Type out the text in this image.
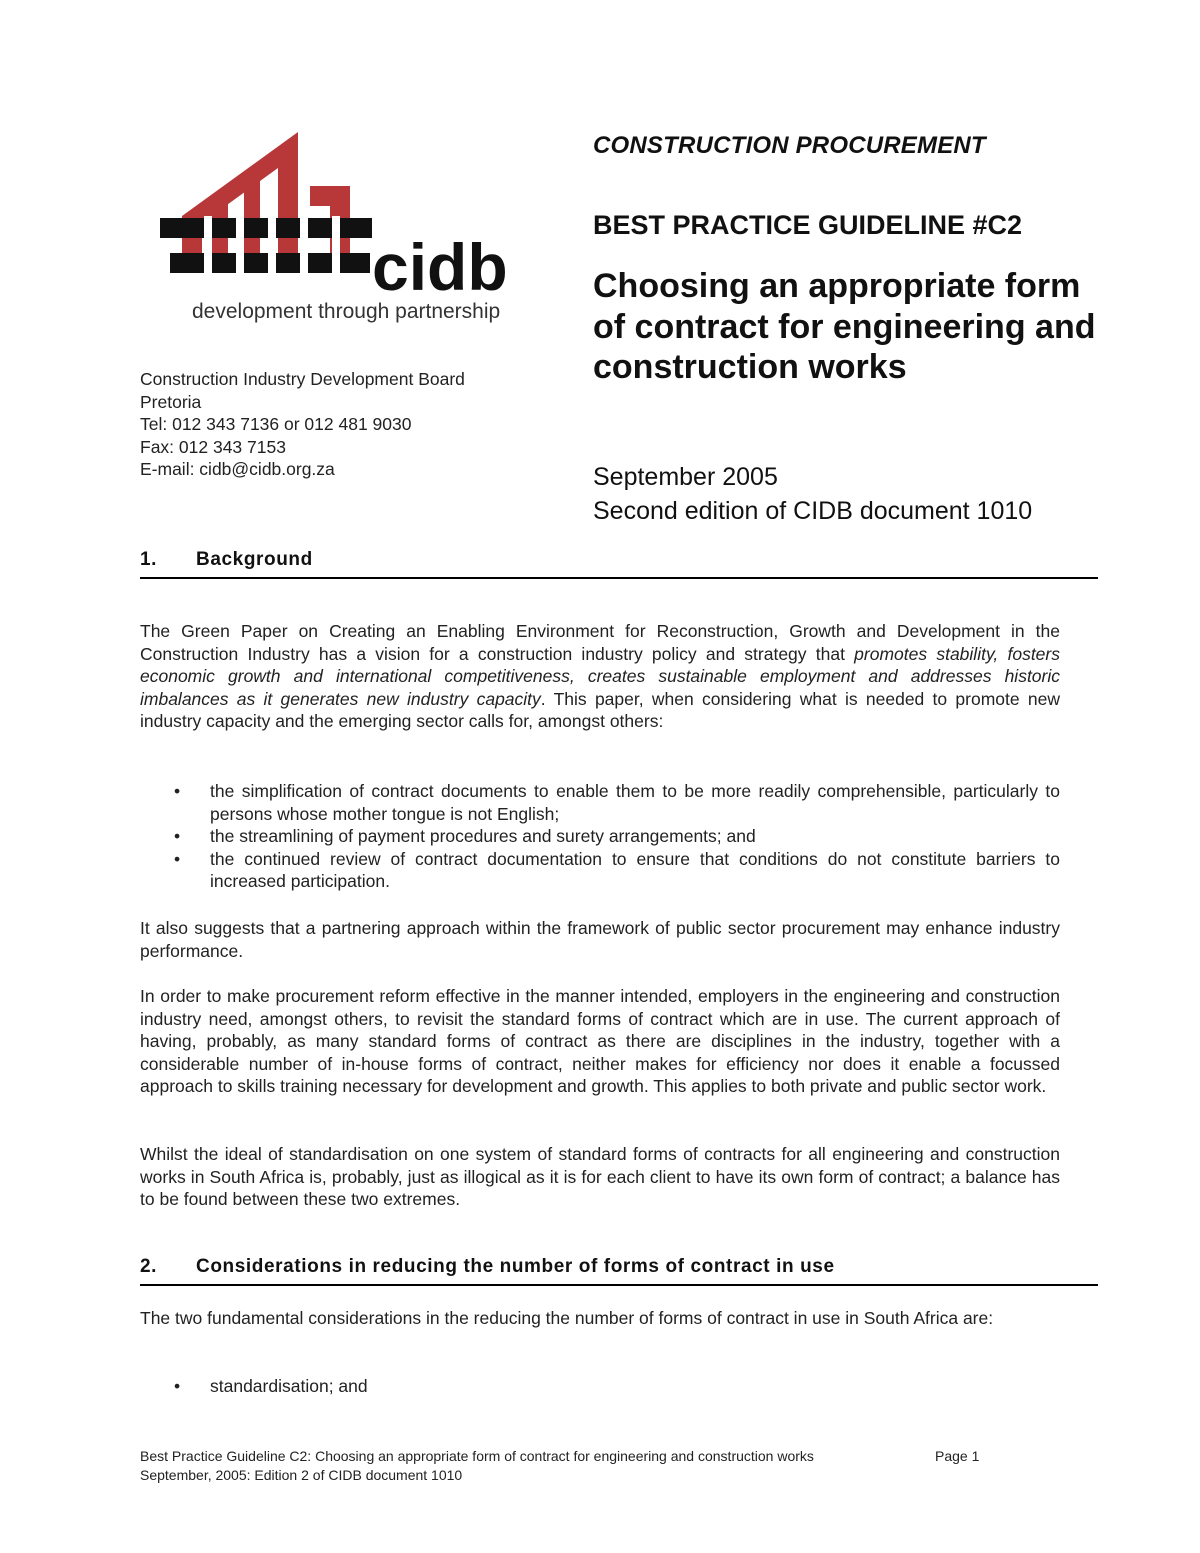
cidb
development through partnership
Construction Industry Development Board
Pretoria
Tel: 012 343 7136 or 012 481 9030
Fax: 012 343 7153
E-mail: cidb@cidb.org.za
CONSTRUCTION PROCUREMENT
BEST PRACTICE GUIDELINE #C2
Choosing an appropriate form of contract for engineering and construction works
September 2005
Second edition of CIDB document 1010
1. Background
The Green Paper on Creating an Enabling Environment for Reconstruction, Growth and Development in the Construction Industry has a vision for a construction industry policy and strategy that promotes stability, fosters economic growth and international competitiveness, creates sustainable employment and addresses historic imbalances as it generates new industry capacity. This paper, when considering what is needed to promote new industry capacity and the emerging sector calls for, amongst others:
• the simplification of contract documents to enable them to be more readily comprehensible, particularly to persons whose mother tongue is not English;
• the streamlining of payment procedures and surety arrangements; and
• the continued review of contract documentation to ensure that conditions do not constitute barriers to increased participation.
It also suggests that a partnering approach within the framework of public sector procurement may enhance industry performance.
In order to make procurement reform effective in the manner intended, employers in the engineering and construction industry need, amongst others, to revisit the standard forms of contract which are in use. The current approach of having, probably, as many standard forms of contract as there are disciplines in the industry, together with a considerable number of in-house forms of contract, neither makes for efficiency nor does it enable a focussed approach to skills training necessary for development and growth. This applies to both private and public sector work.
Whilst the ideal of standardisation on one system of standard forms of contracts for all engineering and construction works in South Africa is, probably, just as illogical as it is for each client to have its own form of contract; a balance has to be found between these two extremes.
2. Considerations in reducing the number of forms of contract in use
The two fundamental considerations in the reducing the number of forms of contract in use in South Africa are:
• standardisation; and
Best Practice Guideline C2: Choosing an appropriate form of contract for engineering and construction works	Page 1
September, 2005: Edition 2 of CIDB document 1010
